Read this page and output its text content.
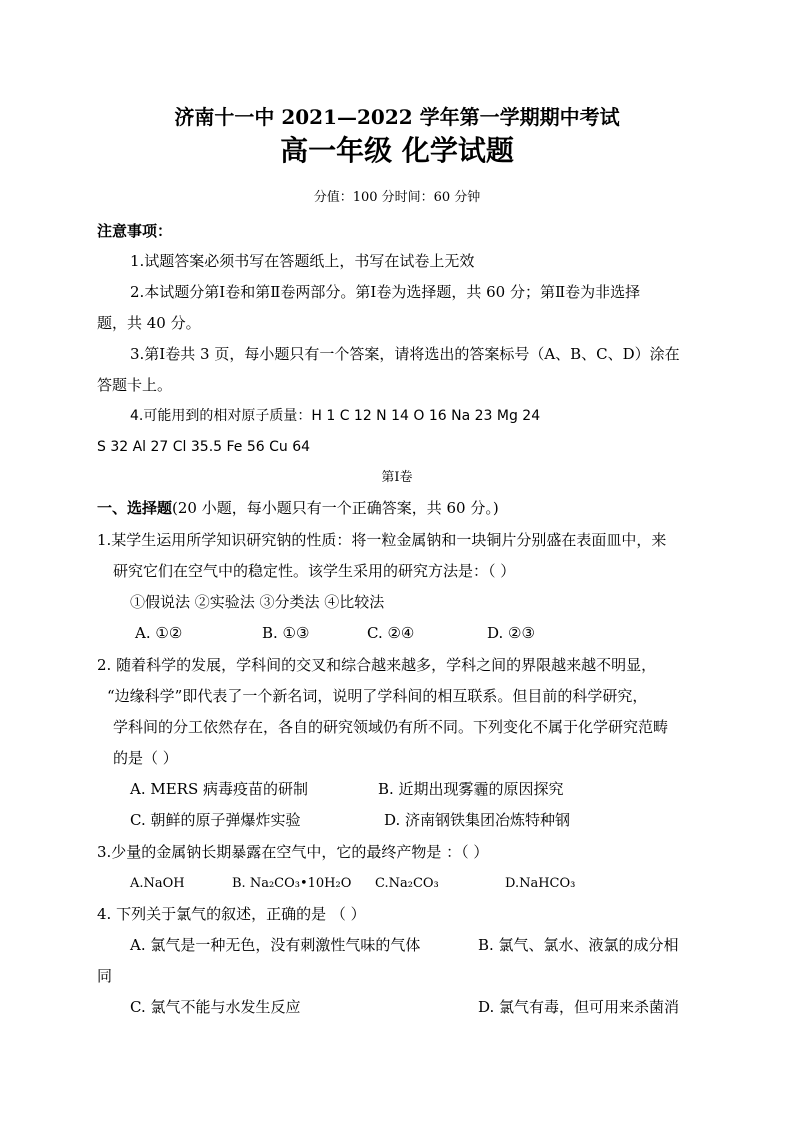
济南十一中 2021—2022 学年第一学期期中考试
高一年级 化学试题
分值：100 分时间：60 分钟
注意事项：
1.试题答案必须书写在答题纸上，书写在试卷上无效
2.本试题分第Ⅰ卷和第Ⅱ卷两部分。第Ⅰ卷为选择题，共 60 分；第Ⅱ卷为非选择
题，共 40 分。
3.第Ⅰ卷共 3 页，每小题只有一个答案，请将选出的答案标号（A、B、C、D）涂在
答题卡上。
4.可能用到的相对原子质量：H 1 C 12 N 14 O 16 Na 23 Mg 24
S 32 Al 27 Cl 35.5 Fe 56 Cu 64
第Ⅰ卷
一、选择题(20 小题，每小题只有一个正确答案，共 60 分。)
1.某学生运用所学知识研究钠的性质：将一粒金属钠和一块铜片分别盛在表面皿中，来
研究它们在空气中的稳定性。该学生采用的研究方法是：（ ）
①假说法 ②实验法 ③分类法 ④比较法
A. ①②	B. ①③	C. ②④	D. ②③
2. 随着科学的发展，学科间的交叉和综合越来越多，学科之间的界限越来越不明显，
“边缘科学”即代表了一个新名词，说明了学科间的相互联系。但目前的科学研究，
学科间的分工依然存在，各自的研究领域仍有所不同。下列变化不属于化学研究范畴
的是（ ）
A. MERS 病毒疫苗的研制	B. 近期出现雾霾的原因探究
C. 朝鲜的原子弹爆炸实验	D. 济南钢铁集团冶炼特种钢
3.少量的金属钠长期暴露在空气中，它的最终产物是 ：（ ）
A.NaOH	B. Na₂CO₃•10H₂O C.Na₂CO₃	D.NaHCO₃
4. 下列关于氯气的叙述，正确的是 （ ）
A. 氯气是一种无色，没有刺激性气味的气体	B. 氯气、氯水、液氯的成分相
同
C. 氯气不能与水发生反应	D. 氯气有毒，但可用来杀菌消
